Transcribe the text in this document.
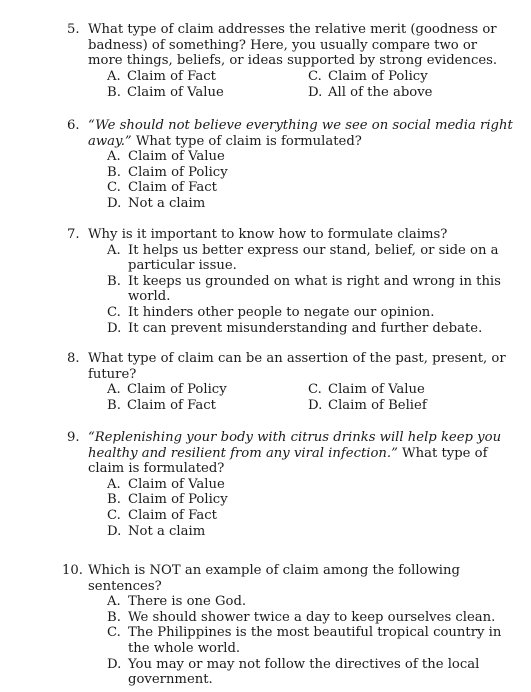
5. What type of claim addresses the relative merit (goodness or badness) of something? Here, you usually compare two or more things, beliefs, or ideas supported by strong evidences.
A. Claim of Fact	C. Claim of Policy
B. Claim of Value	D. All of the above
6. “We should not believe everything we see on social media right away.” What type of claim is formulated?
A. Claim of Value
B. Claim of Policy
C. Claim of Fact
D. Not a claim
7. Why is it important to know how to formulate claims?
A. It helps us better express our stand, belief, or side on a particular issue.
B. It keeps us grounded on what is right and wrong in this world.
C. It hinders other people to negate our opinion.
D. It can prevent misunderstanding and further debate.
8. What type of claim can be an assertion of the past, present, or future?
A. Claim of Policy	C. Claim of Value
B. Claim of Fact	D. Claim of Belief
9. “Replenishing your body with citrus drinks will help keep you healthy and resilient from any viral infection.” What type of claim is formulated?
A. Claim of Value
B. Claim of Policy
C. Claim of Fact
D. Not a claim
10. Which is NOT an example of claim among the following sentences?
A. There is one God.
B. We should shower twice a day to keep ourselves clean.
C. The Philippines is the most beautiful tropical country in the whole world.
D. You may or may not follow the directives of the local government.
